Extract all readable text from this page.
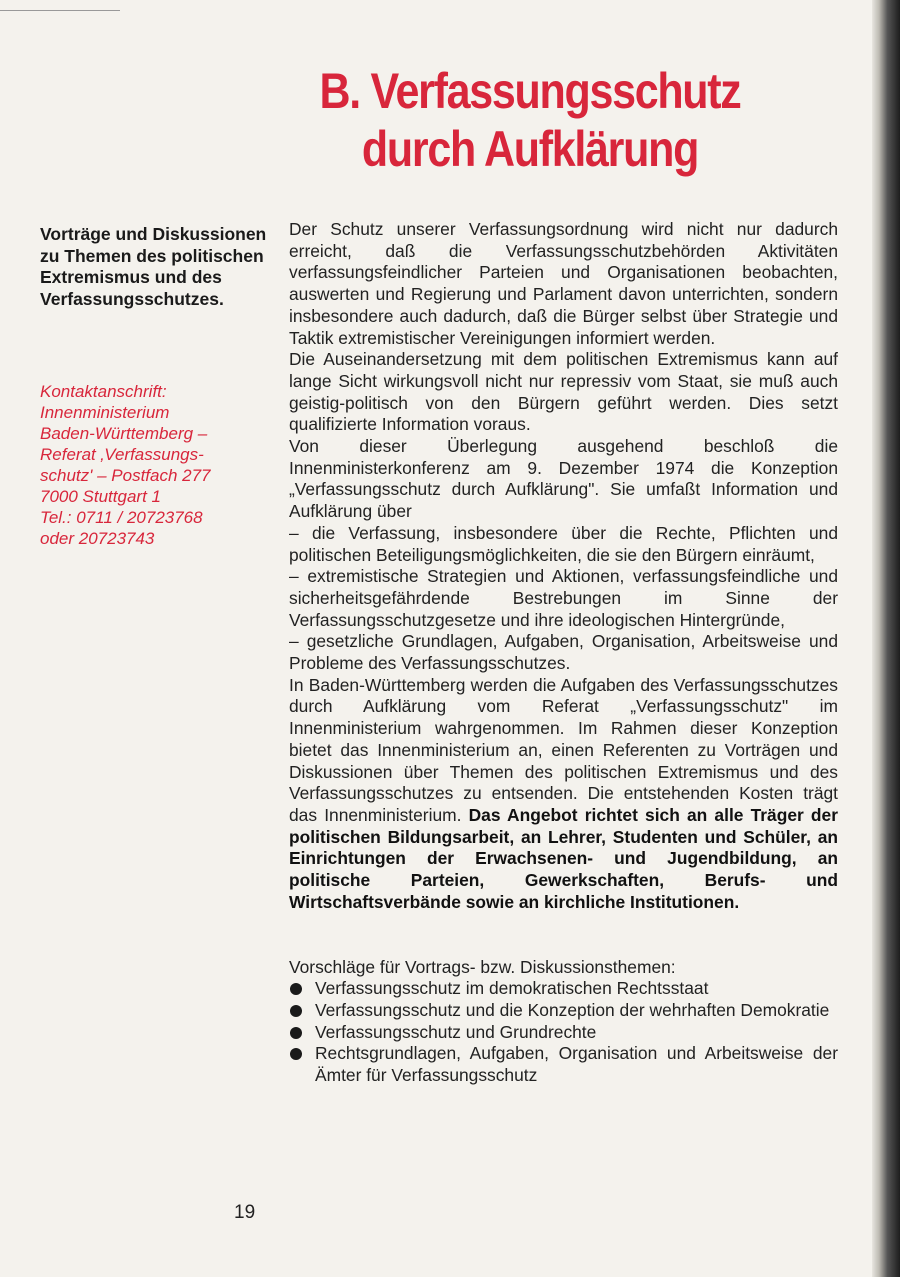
B. Verfassungsschutz
durch Aufklärung
Vorträge und Diskussionen zu Themen des politischen Extremismus und des Verfassungsschutzes.
Kontaktanschrift:
Innenministerium
Baden-Württemberg –
Referat ‚Verfassungs-
schutz' – Postfach 277
7000 Stuttgart 1
Tel.: 0711 / 20723768
oder 20723743
19

Der Schutz unserer Verfassungsordnung wird nicht nur dadurch erreicht, daß die Verfassungsschutzbehörden Aktivitäten verfassungsfeindlicher Parteien und Organisationen beobachten, auswerten und Regierung und Parlament davon unterrichten, sondern insbesondere auch dadurch, daß die Bürger selbst über Strategie und Taktik extremistischer Vereinigungen informiert werden.

Die Auseinandersetzung mit dem politischen Extremismus kann auf lange Sicht wirkungsvoll nicht nur repressiv vom Staat, sie muß auch geistig-politisch von den Bürgern geführt werden. Dies setzt qualifizierte Information voraus.

Von dieser Überlegung ausgehend beschloß die Innenministerkonferenz am 9. Dezember 1974 die Konzeption „Verfassungsschutz durch Aufklärung". Sie umfaßt Information und Aufklärung über

– die Verfassung, insbesondere über die Rechte, Pflichten und politischen Beteiligungsmöglichkeiten, die sie den Bürgern einräumt,

– extremistische Strategien und Aktionen, verfassungsfeindliche und sicherheitsgefährdende Bestrebungen im Sinne der Verfassungsschutzgesetze und ihre ideologischen Hintergründe,

– gesetzliche Grundlagen, Aufgaben, Organisation, Arbeitsweise und Probleme des Verfassungsschutzes.

In Baden-Württemberg werden die Aufgaben des Verfassungsschutzes durch Aufklärung vom Referat „Verfassungsschutz" im Innenministerium wahrgenommen. Im Rahmen dieser Konzeption bietet das Innenministerium an, einen Referenten zu Vorträgen und Diskussionen über Themen des politischen Extremismus und des Verfassungsschutzes zu entsenden. Die entstehenden Kosten trägt das Innenministerium. Das Angebot richtet sich an alle Träger der politischen Bildungsarbeit, an Lehrer, Studenten und Schüler, an Einrichtungen der Erwachsenen- und Jugendbildung, an politische Parteien, Gewerkschaften, Berufs- und Wirtschaftsverbände sowie an kirchliche Institutionen.

Vorschläge für Vortrags- bzw. Diskussionsthemen:

Verfassungsschutz im demokratischen Rechtsstaat
Verfassungsschutz und die Konzeption der wehrhaften Demokratie
Verfassungsschutz und Grundrechte
Rechtsgrundlagen, Aufgaben, Organisation und Arbeitsweise der Ämter für Verfassungsschutz
